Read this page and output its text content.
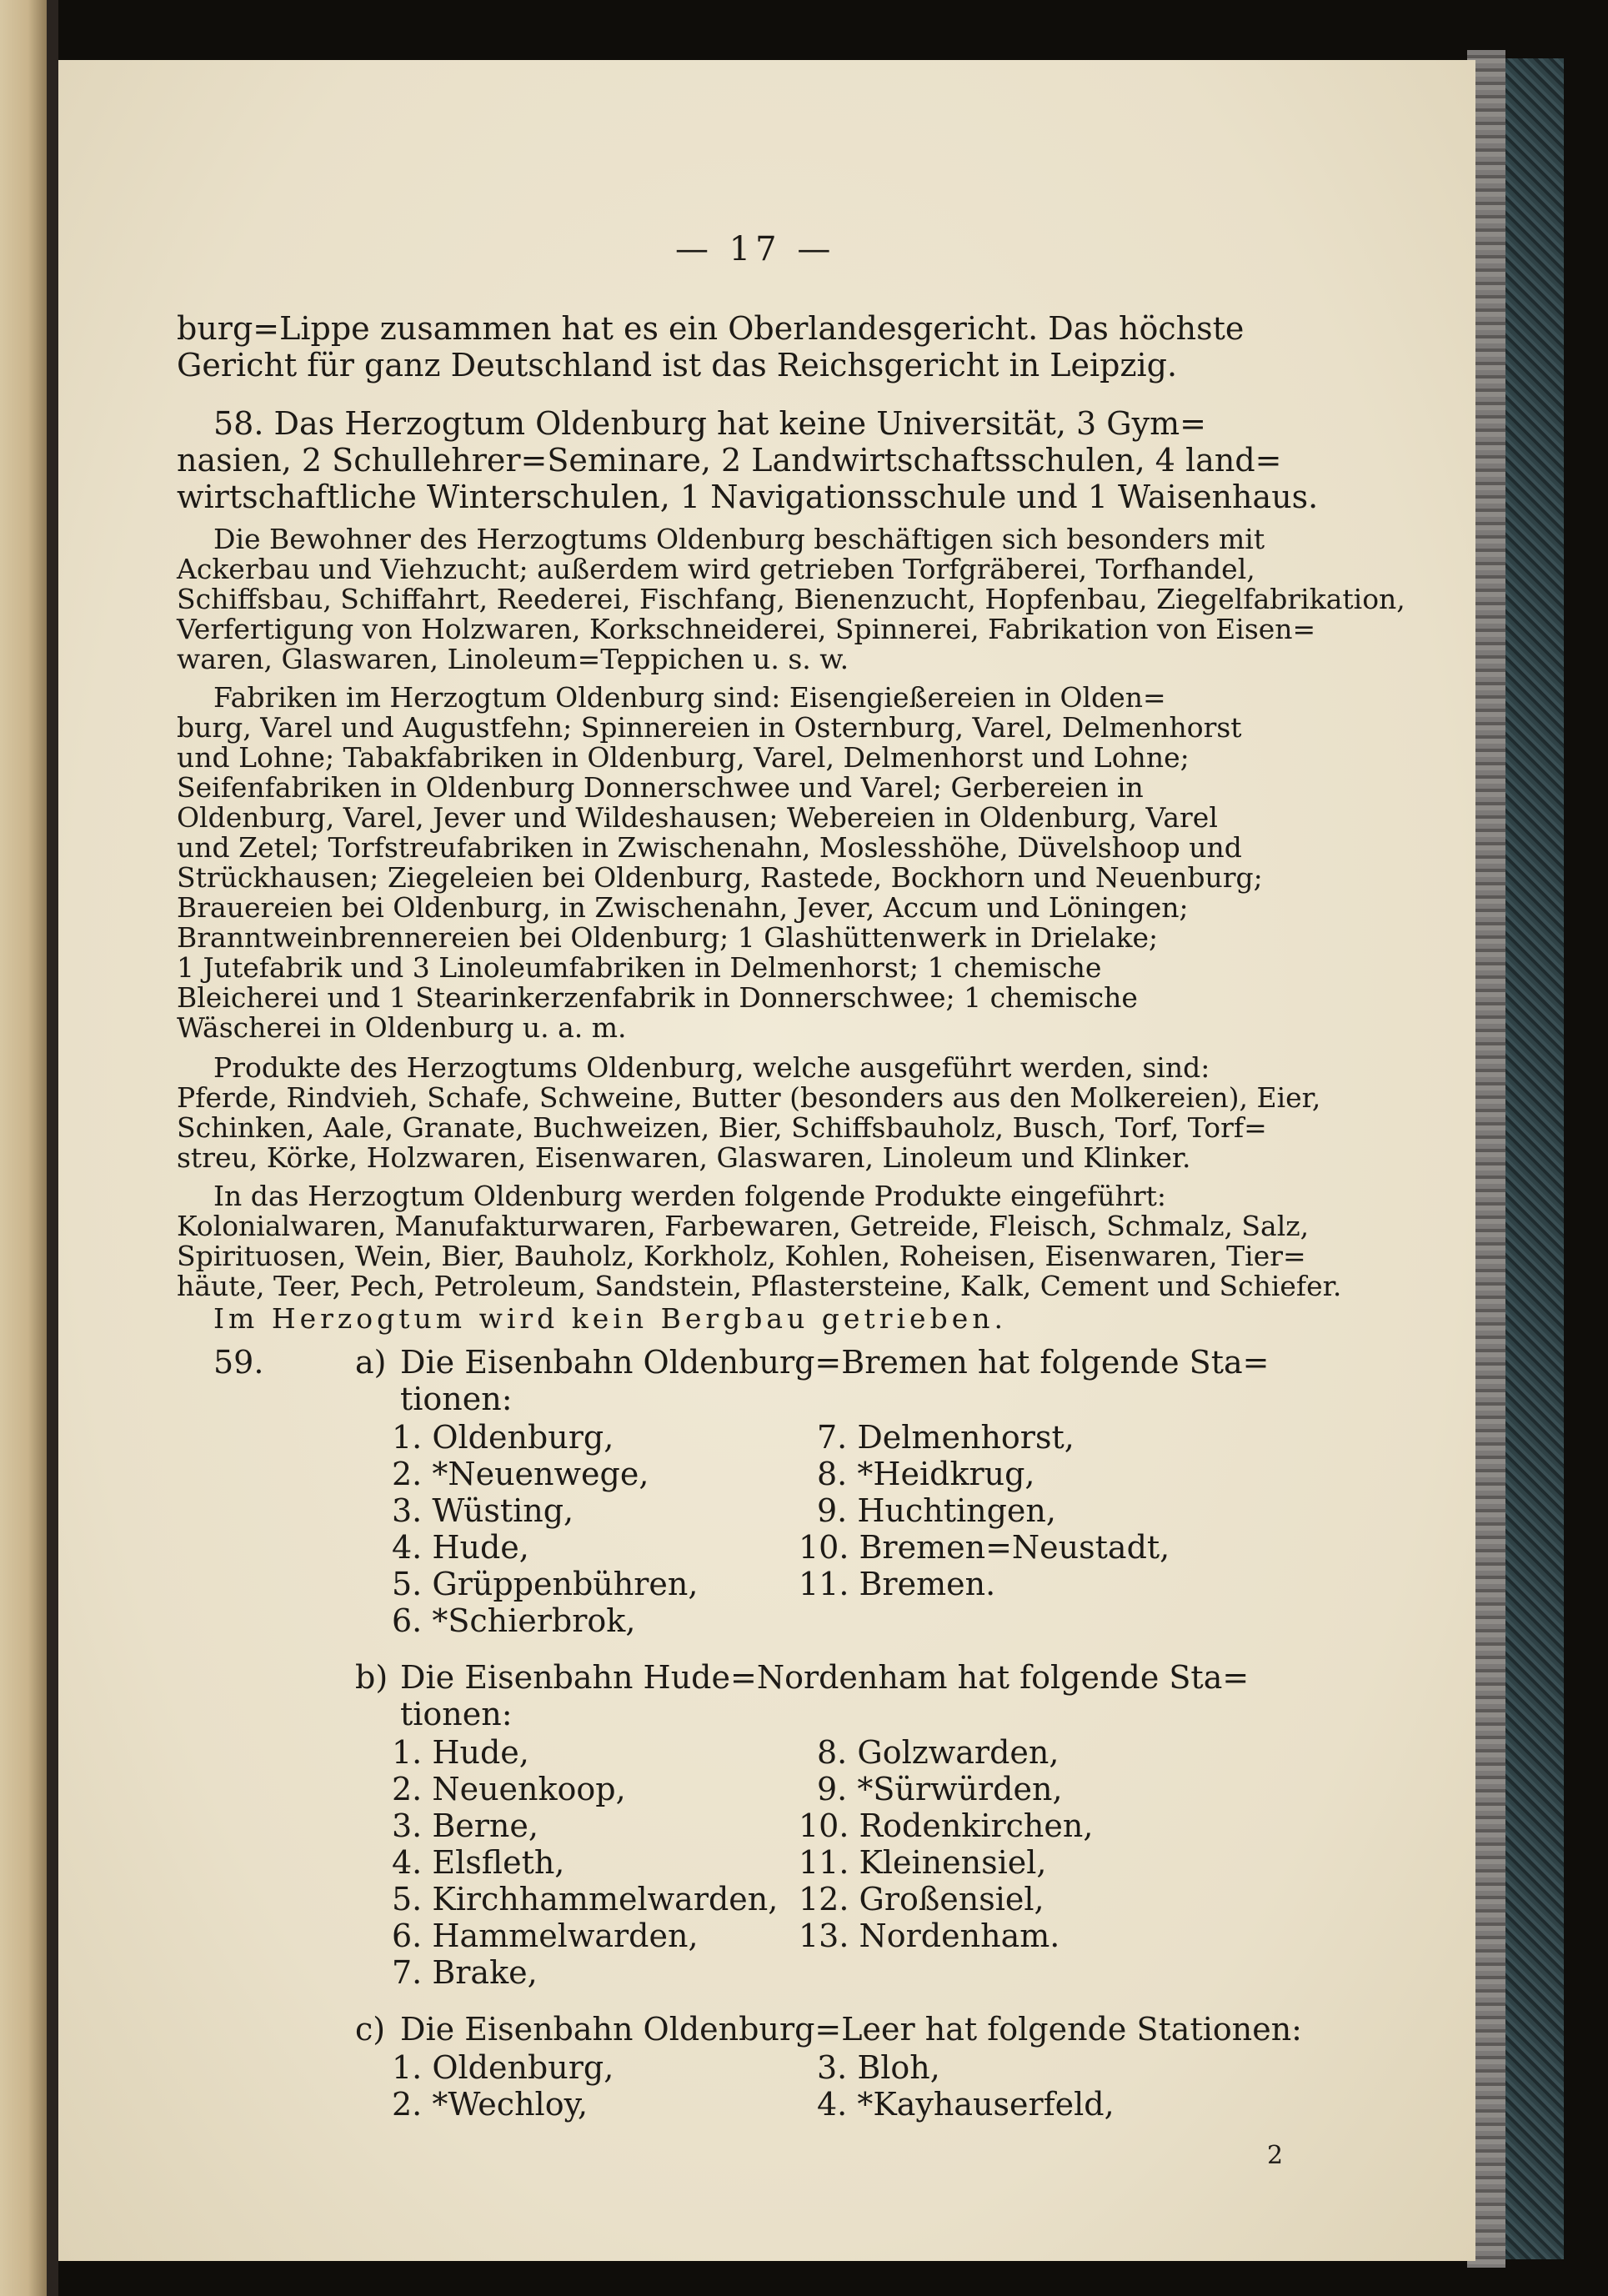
— 17 —
burg=Lippe zusammen hat es ein Oberlandesgericht. Das höchste
Gericht für ganz Deutschland ist das Reichsgericht in Leipzig.
58. Das Herzogtum Oldenburg hat keine Universität, 3 Gym=
nasien, 2 Schullehrer=Seminare, 2 Landwirtschaftsschulen, 4 land=
wirtschaftliche Winterschulen, 1 Navigationsschule und 1 Waisenhaus.
Die Bewohner des Herzogtums Oldenburg beschäftigen sich besonders mit
Ackerbau und Viehzucht; außerdem wird getrieben Torfgräberei, Torfhandel,
Schiffsbau, Schiffahrt, Reederei, Fischfang, Bienenzucht, Hopfenbau, Ziegelfabrikation,
Verfertigung von Holzwaren, Korkschneiderei, Spinnerei, Fabrikation von Eisen=
waren, Glaswaren, Linoleum=Teppichen u. s. w.
Fabriken im Herzogtum Oldenburg sind: Eisengießereien in Olden=
burg, Varel und Augustfehn; Spinnereien in Osternburg, Varel, Delmenhorst
und Lohne; Tabakfabriken in Oldenburg, Varel, Delmenhorst und Lohne;
Seifenfabriken in Oldenburg Donnerschwee und Varel; Gerbereien in
Oldenburg, Varel, Jever und Wildeshausen; Webereien in Oldenburg, Varel
und Zetel; Torfstreufabriken in Zwischenahn, Moslesshöhe, Düvelshoop und
Strückhausen; Ziegeleien bei Oldenburg, Rastede, Bockhorn und Neuenburg;
Brauereien bei Oldenburg, in Zwischenahn, Jever, Accum und Löningen;
Branntweinbrennereien bei Oldenburg; 1 Glashüttenwerk in Drielake;
1 Jutefabrik und 3 Linoleumfabriken in Delmenhorst; 1 chemische
Bleicherei und 1 Stearinkerzenfabrik in Donnerschwee; 1 chemische
Wäscherei in Oldenburg u. a. m.
Produkte des Herzogtums Oldenburg, welche ausgeführt werden, sind:
Pferde, Rindvieh, Schafe, Schweine, Butter (besonders aus den Molkereien), Eier,
Schinken, Aale, Granate, Buchweizen, Bier, Schiffsbauholz, Busch, Torf, Torf=
streu, Körke, Holzwaren, Eisenwaren, Glaswaren, Linoleum und Klinker.
In das Herzogtum Oldenburg werden folgende Produkte eingeführt:
Kolonialwaren, Manufakturwaren, Farbewaren, Getreide, Fleisch, Schmalz, Salz,
Spirituosen, Wein, Bier, Bauholz, Korkholz, Kohlen, Roheisen, Eisenwaren, Tier=
häute, Teer, Pech, Petroleum, Sandstein, Pflastersteine, Kalk, Cement und Schiefer.
Im Herzogtum wird kein Bergbau getrieben.
59.	a) Die Eisenbahn Oldenburg=Bremen hat folgende Sta=
tionen:
1. Oldenburg,
2. *Neuenwege,
3. Wüsting,
4. Hude,
5. Grüppenbühren,
6. *Schierbrok,
7. Delmenhorst,
8. *Heidkrug,
9. Huchtingen,
10. Bremen=Neustadt,
11. Bremen.
b) Die Eisenbahn Hude=Nordenham hat folgende Sta=
tionen:
1. Hude,
2. Neuenkoop,
3. Berne,
4. Elsfleth,
5. Kirchhammelwarden,
6. Hammelwarden,
7. Brake,
8. Golzwarden,
9. *Sürwürden,
10. Rodenkirchen,
11. Kleinensiel,
12. Großensiel,
13. Nordenham.
c) Die Eisenbahn Oldenburg=Leer hat folgende Stationen:
1. Oldenburg,
2. *Wechloy,
3. Bloh,
4. *Kayhauserfeld,
2
